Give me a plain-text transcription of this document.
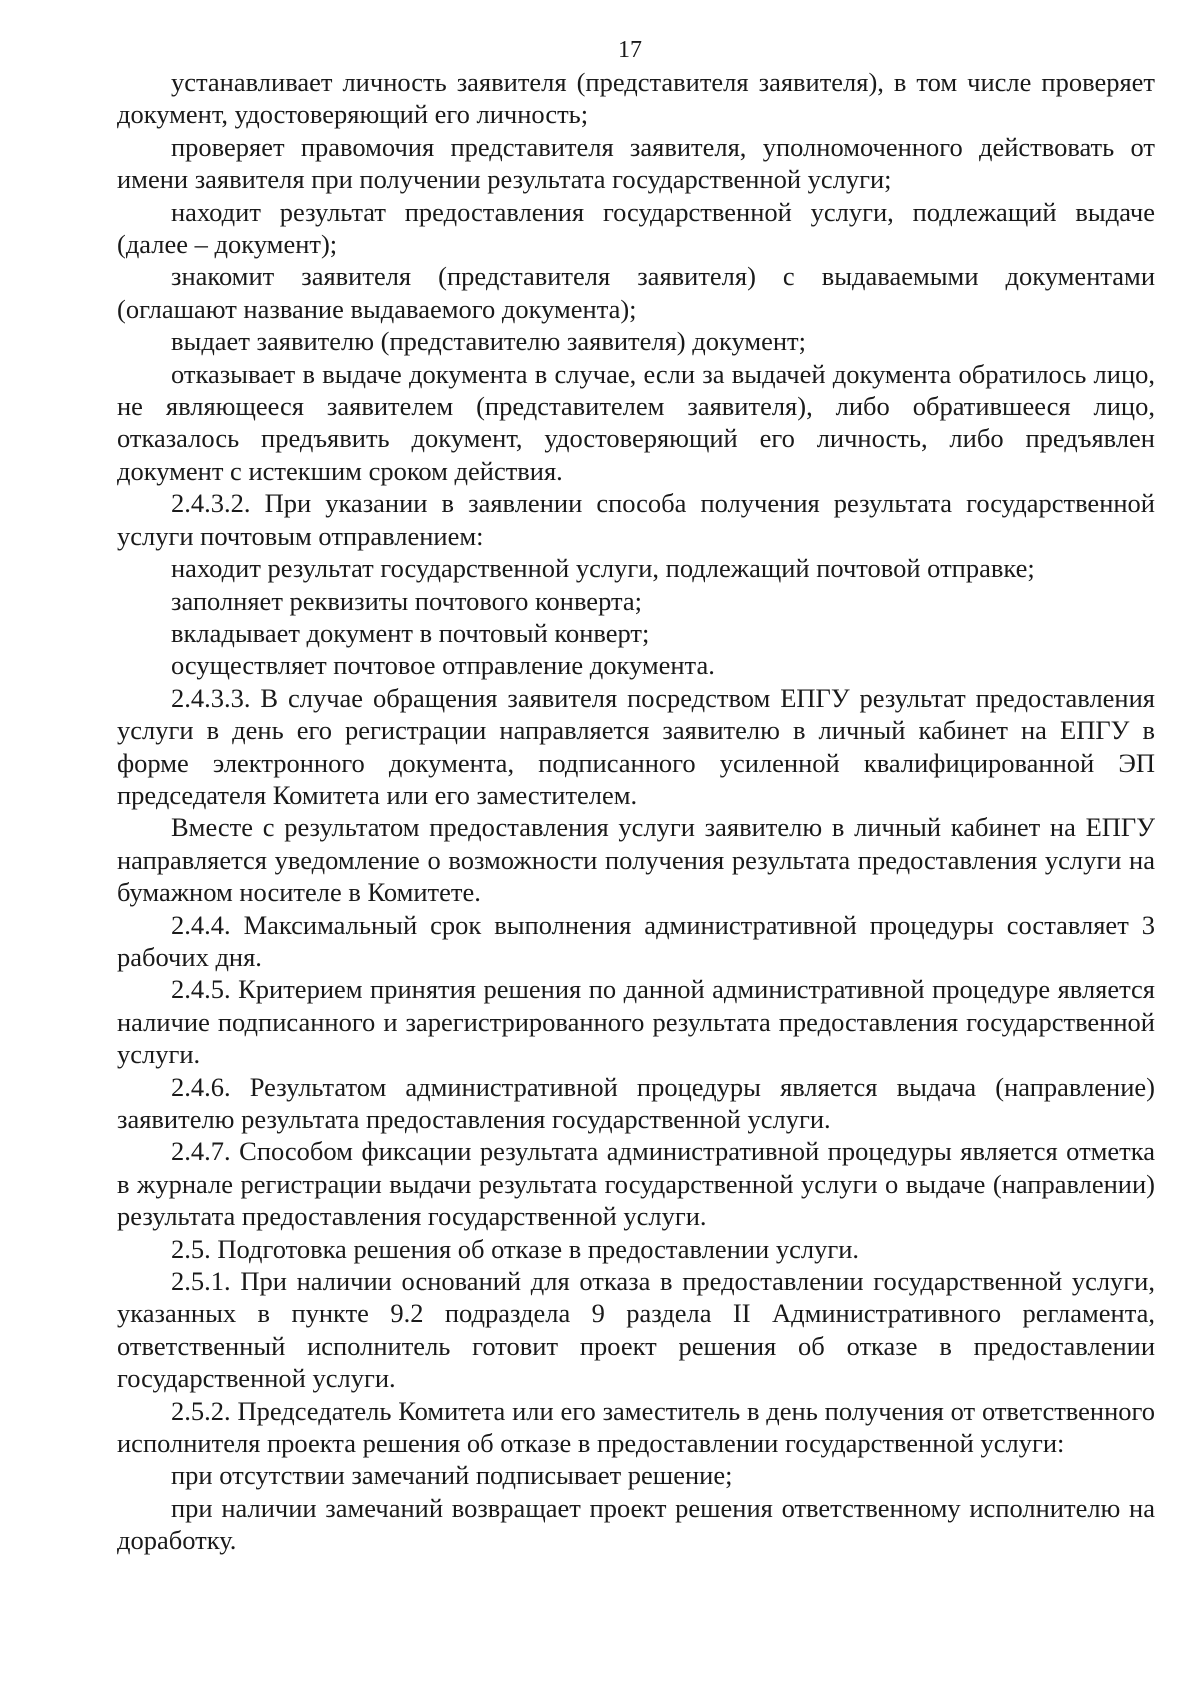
17

устанавливает личность заявителя (представителя заявителя), в том числе проверяет документ, удостоверяющий его личность;

проверяет правомочия представителя заявителя, уполномоченного действовать от имени заявителя при получении результата государственной услуги;

находит результат предоставления государственной услуги, подлежащий выдаче (далее – документ);

знакомит заявителя (представителя заявителя) с выдаваемыми документами (оглашают название выдаваемого документа);

выдает заявителю (представителю заявителя) документ;

отказывает в выдаче документа в случае, если за выдачей документа обратилось лицо, не являющееся заявителем (представителем заявителя), либо обратившееся лицо, отказалось предъявить документ, удостоверяющий его личность, либо предъявлен документ с истекшим сроком действия.

2.4.3.2. При указании в заявлении способа получения результата государственной услуги почтовым отправлением:

находит результат государственной услуги, подлежащий почтовой отправке;

заполняет реквизиты почтового конверта;

вкладывает документ в почтовый конверт;

осуществляет почтовое отправление документа.

2.4.3.3. В случае обращения заявителя посредством ЕПГУ результат предоставления услуги в день его регистрации направляется заявителю в личный кабинет на ЕПГУ в форме электронного документа, подписанного усиленной квалифицированной ЭП председателя Комитета или его заместителем.

Вместе с результатом предоставления услуги заявителю в личный кабинет на ЕПГУ направляется уведомление о возможности получения результата предоставления услуги на бумажном носителе в Комитете.

2.4.4. Максимальный срок выполнения административной процедуры составляет 3 рабочих дня.

2.4.5. Критерием принятия решения по данной административной процедуре является наличие подписанного и зарегистрированного результата предоставления государственной услуги.

2.4.6. Результатом административной процедуры является выдача (направление) заявителю результата предоставления государственной услуги.

2.4.7. Способом фиксации результата административной процедуры является отметка в журнале регистрации выдачи результата государственной услуги о выдаче (направлении) результата предоставления государственной услуги.

2.5. Подготовка решения об отказе в предоставлении услуги.

2.5.1. При наличии оснований для отказа в предоставлении государственной услуги, указанных в пункте 9.2 подраздела 9 раздела II Административного регламента, ответственный исполнитель готовит проект решения об отказе в предоставлении государственной услуги.

2.5.2. Председатель Комитета или его заместитель в день получения от ответственного исполнителя проекта решения об отказе в предоставлении государственной услуги:

при отсутствии замечаний подписывает решение;

при наличии замечаний возвращает проект решения ответственному исполнителю на доработку.
